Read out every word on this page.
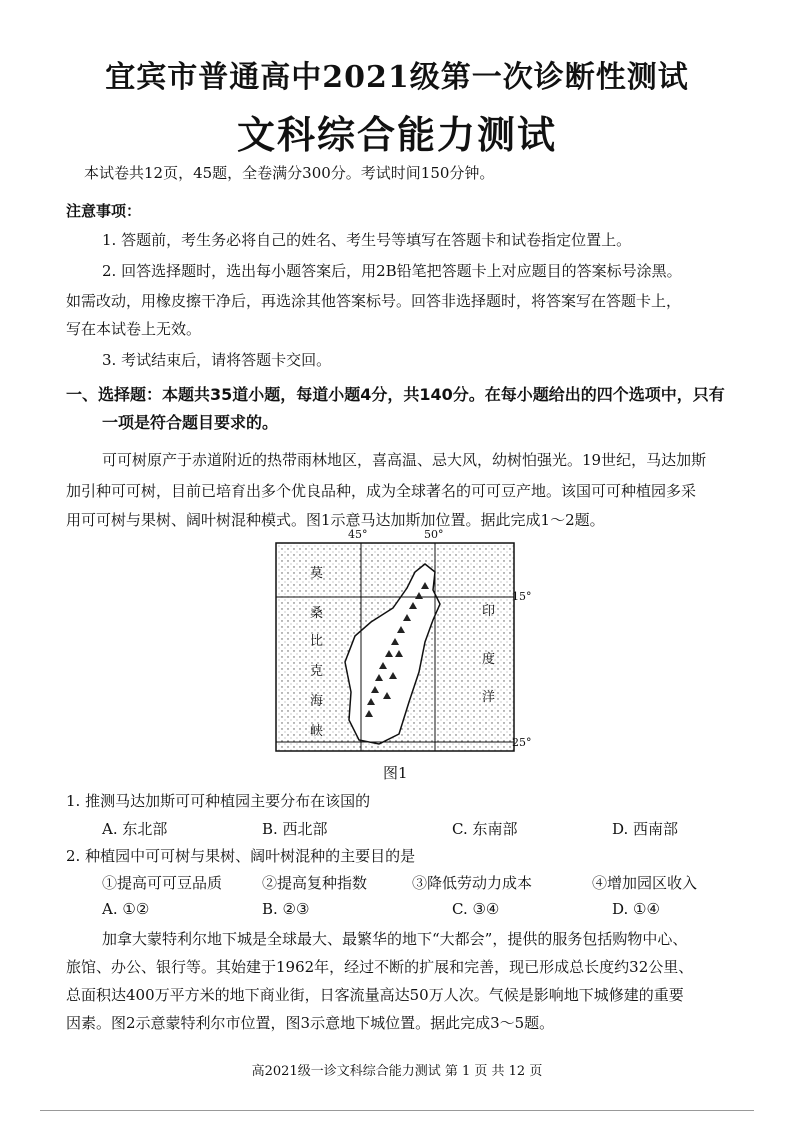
宜宾市普通高中2021级第一次诊断性测试
文科综合能力测试
本试卷共12页，45题，全卷满分300分。考试时间150分钟。
注意事项：
1. 答题前，考生务必将自己的姓名、考生号等填写在答题卡和试卷指定位置上。
2. 回答选择题时，选出每小题答案后，用2B铅笔把答题卡上对应题目的答案标号涂黑。
如需改动，用橡皮擦干净后，再选涂其他答案标号。回答非选择题时，将答案写在答题卡上，
写在本试卷上无效。
3. 考试结束后，请将答题卡交回。
一、选择题：本题共35道小题，每道小题4分，共140分。在每小题给出的四个选项中，只有
一项是符合题目要求的。
可可树原产于赤道附近的热带雨林地区，喜高温、忌大风，幼树怕强光。19世纪，马达加斯
加引种可可树，目前已培育出多个优良品种，成为全球著名的可可豆产地。该国可可种植园多采
用可可树与果树、阔叶树混种模式。图1示意马达加斯加位置。据此完成1～2题。
45°	50°
15°
25°
莫
桑
比
克
海
峡
印
度
洋
图1
1. 推测马达加斯可可种植园主要分布在该国的
A. 东北部	B. 西北部	C. 东南部	D. 西南部
2. 种植园中可可树与果树、阔叶树混种的主要目的是
①提高可可豆品质	②提高复种指数	③降低劳动力成本	④增加园区收入
A. ①②	B. ②③	C. ③④	D. ①④
加拿大蒙特利尔地下城是全球最大、最繁华的地下“大都会”，提供的服务包括购物中心、
旅馆、办公、银行等。其始建于1962年，经过不断的扩展和完善，现已形成总长度约32公里、
总面积达400万平方米的地下商业街，日客流量高达50万人次。气候是影响地下城修建的重要
因素。图2示意蒙特利尔市位置，图3示意地下城位置。据此完成3～5题。
高2021级一诊文科综合能力测试 第 1 页 共 12 页
